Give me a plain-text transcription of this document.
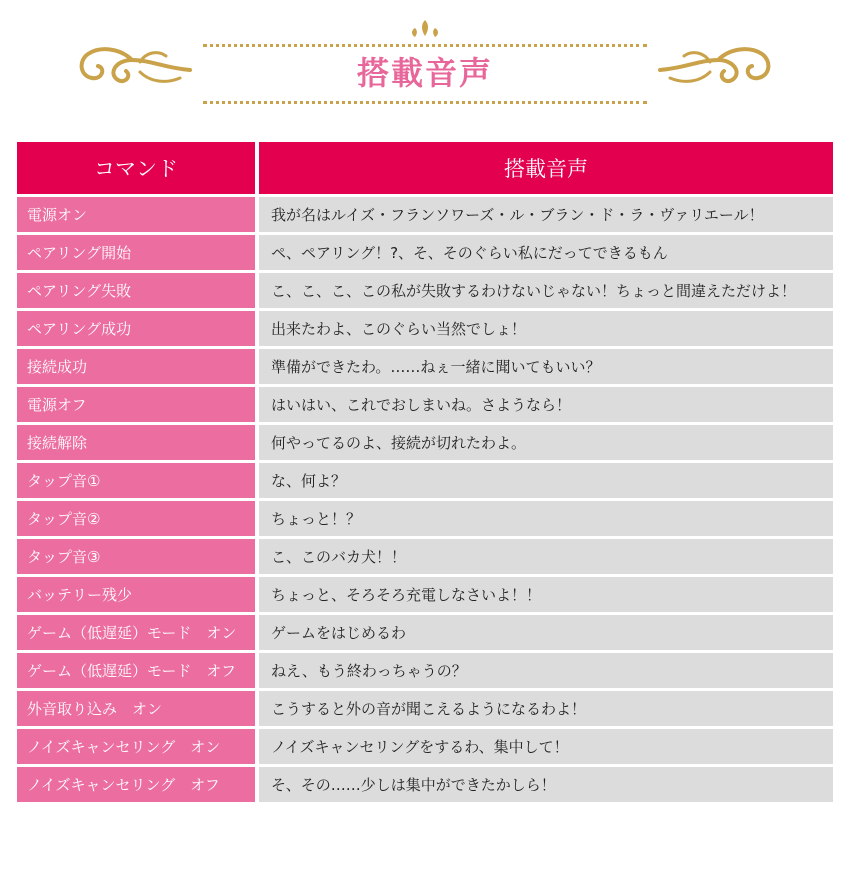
搭載音声
コマンド	搭載音声
電源オン	我が名はルイズ・フランソワーズ・ル・ブラン・ド・ラ・ヴァリエール！
ペアリング開始	ペ、ペアリング！?、そ、そのぐらい私にだってできるもん
ペアリング失敗	こ、こ、こ、この私が失敗するわけないじゃない！ちょっと間違えただけよ！
ペアリング成功	出来たわよ、このぐらい当然でしょ！
接続成功	準備ができたわ。‥‥‥ねぇ一緒に聞いてもいい？
電源オフ	はいはい、これでおしまいね。さようなら！
接続解除	何やってるのよ、接続が切れたわよ。
タップ音①	な、何よ？
タップ音②	ちょっと！？
タップ音③	こ、このバカ犬！！
バッテリー残少	ちょっと、そろそろ充電しなさいよ！！
ゲーム（低遅延）モード　オン	ゲームをはじめるわ
ゲーム（低遅延）モード　オフ	ねえ、もう終わっちゃうの？
外音取り込み　オン	こうすると外の音が聞こえるようになるわよ！
ノイズキャンセリング　オン	ノイズキャンセリングをするわ、集中して！
ノイズキャンセリング　オフ	そ、その‥‥‥少しは集中ができたかしら！
